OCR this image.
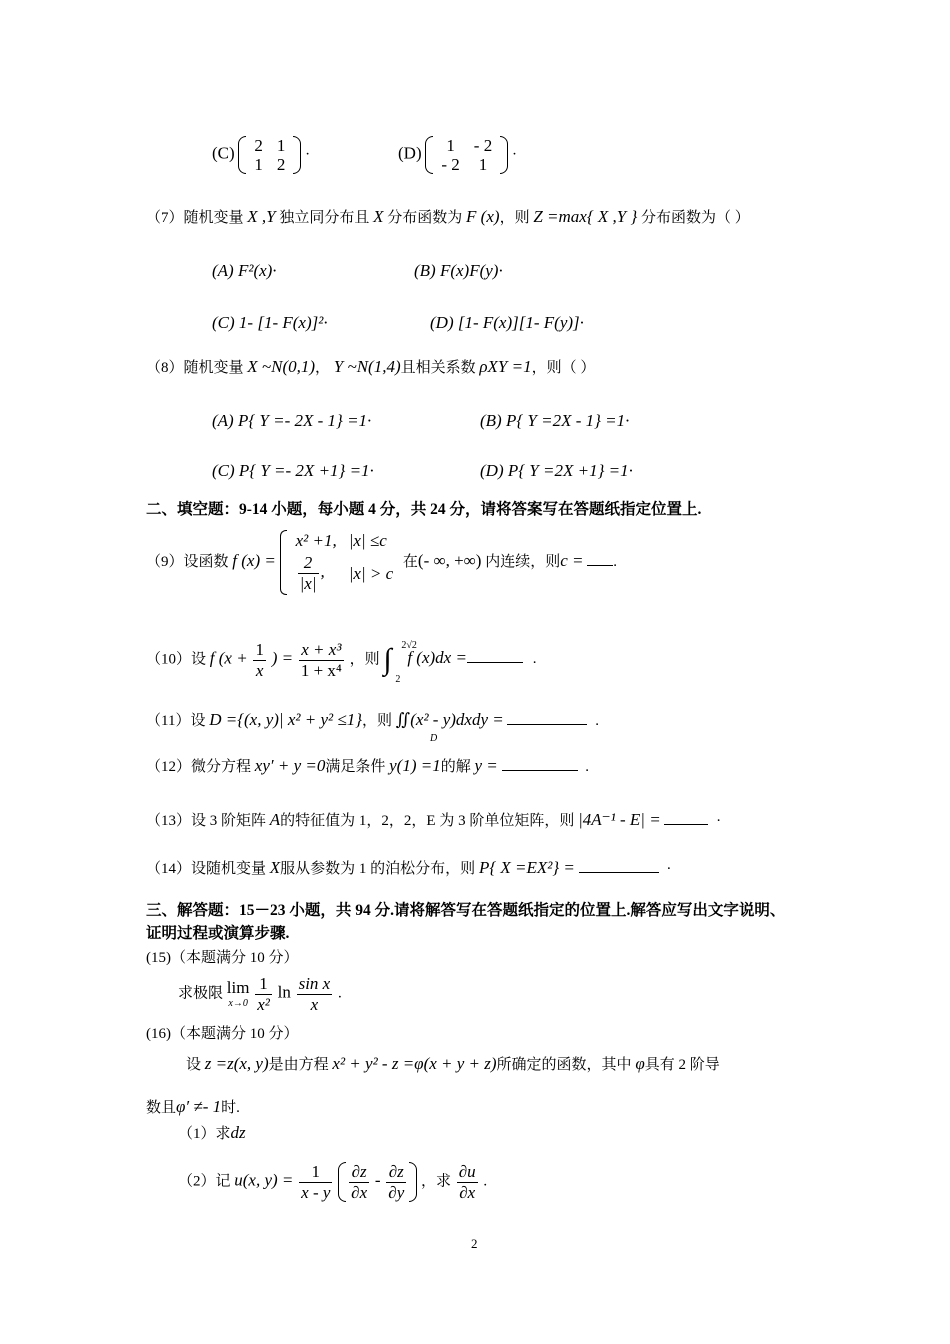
(C) 2	1
1	2
·	(D) 1	- 2
- 2	1
·
（7）随机变量 X ,Y 独立同分布且 X 分布函数为 F (x)，则 Z =max{ X ,Y } 分布函数为（ ）
(A) F²(x)·	(B) F(x)F(y)·
(C) 1- [1- F(x)]²·	(D) [1- F(x)][1- F(y)]·
（8）随机变量 X ~N(0,1)， Y ~N(1,4)且相关系数 ρXY =1，则（ ）
(A) P{ Y =- 2X - 1} =1·	(B) P{ Y =2X - 1} =1·
(C) P{ Y =- 2X +1} =1·	(D) P{ Y =2X +1} =1·
二、填空题：9-14 小题，每小题 4 分，共 24 分，请将答案写在答题纸指定位置上.
（9）设函数 f (x) =
x² +1,	|x| ≤c

$\frac{2}{|x|}$ ,	|x| > c
在(- ∞, +∞) 内连续，则c = .
（10）设 f ($x + \frac{1}{x}$ ) = $\frac{\text{x + x³}}{\text{1 + x⁴}}$ ，则 ∫ 2√2
2
f (x)dx =	.
（11）设 D ={(x, y)| x² + y² ≤1}，则 ∬(x² - y)dxdy =	.
D
（12）微分方程 xy′ + y =0满足条件 y(1) =1的解 y =	.
（13）设 3 阶矩阵 A的特征值为 1，2，2，E 为 3 阶单位矩阵，则 |4A⁻¹ - E| =	·
（14）设随机变量 X服从参数为 1 的泊松分布，则 P{ X =EX²} =	·
三、解答题：15－23 小题，共 94 分.请将解答写在答题纸指定的位置上.解答应写出文字说明、
证明过程或演算步骤.
(15)（本题满分 10 分）
求极限 lim
x→0
$\frac{1}{\text{x²}}$ $\ln \frac{\text{sin x}}{x}$ .
(16)（本题满分 10 分）
设 z =z(x, y)是由方程 x² + y² - z =φ(x + y + z)所确定的函数，其中 φ具有 2 阶导
数且φ′ ≠- 1时.
（1）求dz
（2）记 u(x, $y) = \frac{1}{x - y}$
$\frac{\partial z}{\partial x} - \frac{\partial z}{\partial y}$ ，求 $\frac{\partial u}{\partial x}$ .
2
